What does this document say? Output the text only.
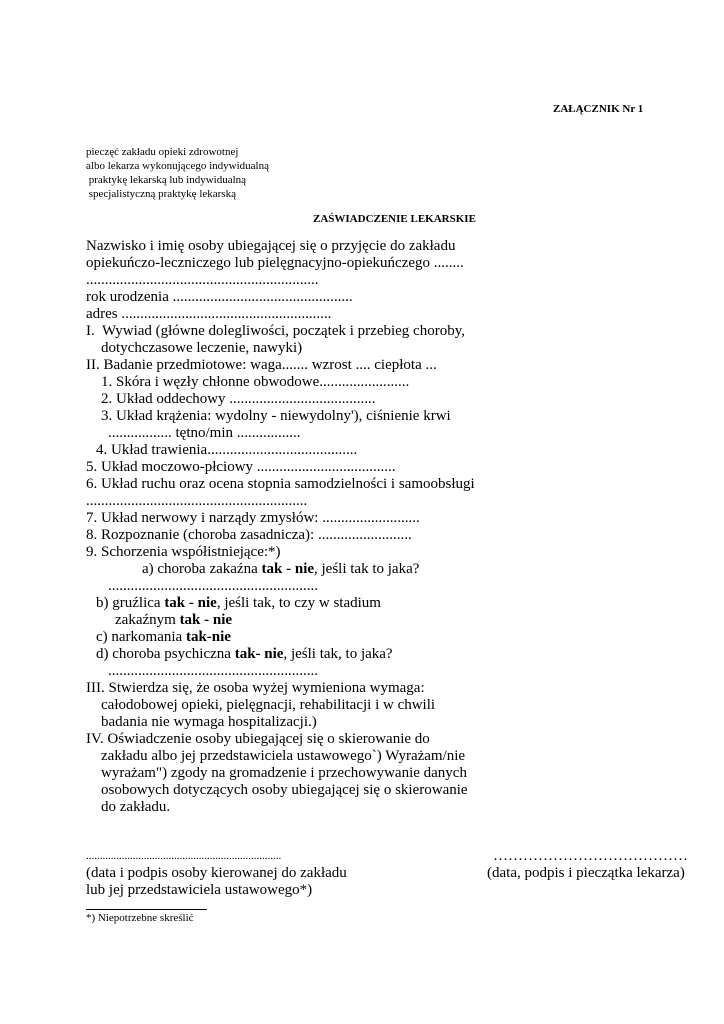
ZAŁĄCZNIK Nr 1
pieczęć zakładu opieki zdrowotnej
albo lekarza wykonującego indywidualną
praktykę lekarską lub indywidualną
specjalistyczną praktykę lekarską
ZAŚWIADCZENIE LEKARSKIE
Nazwisko i imię osoby ubiegającej się o przyjęcie do zakładu
opiekuńczo-leczniczego lub pielęgnacyjno-opiekuńczego ........
..............................................................
rok urodzenia ................................................
adres ........................................................
I.  Wywiad (główne dolegliwości, początek i przebieg choroby,
dotychczasowe leczenie, nawyki)
II. Badanie przedmiotowe: waga....... wzrost .... ciepłota ...
1. Skóra i węzły chłonne obwodowe........................
2. Układ oddechowy .......................................
3. Układ krążenia: wydolny - niewydolny'), ciśnienie krwi
................. tętno/min .................
4. Układ trawienia........................................
5. Układ moczowo-płciowy .....................................
6. Układ ruchu oraz ocena stopnia samodzielności i samoobsługi
...........................................................
7. Układ nerwowy i narządy zmysłów: ..........................
8. Rozpoznanie (choroba zasadnicza): .........................
9. Schorzenia współistniejące:*)
a) choroba zakaźna tak - nie, jeśli tak to jaka?
........................................................
b) gruźlica tak - nie, jeśli tak, to czy w stadium
zakaźnym tak - nie
c) narkomania tak-nie
d) choroba psychiczna tak- nie, jeśli tak, to jaka?
........................................................
III. Stwierdza się, że osoba wyżej wymieniona wymaga:
całodobowej opieki, pielęgnacji, rehabilitacji i w chwili
badania nie wymaga hospitalizacji.)
IV. Oświadczenie osoby ubiegającej się o skierowanie do
zakładu albo jej przedstawiciela ustawowego`) Wyrażam/nie
wyrażam") zgody na gromadzenie i przechowywanie danych
osobowych dotyczących osoby ubiegającej się o skierowanie
do zakładu.
.......................................................................
(data i podpis osoby kierowanej do zakładu
lub jej przedstawiciela ustawowego*)
…………………………………
(data, podpis i pieczątka lekarza)
*) Niepotrzebne skreślić
